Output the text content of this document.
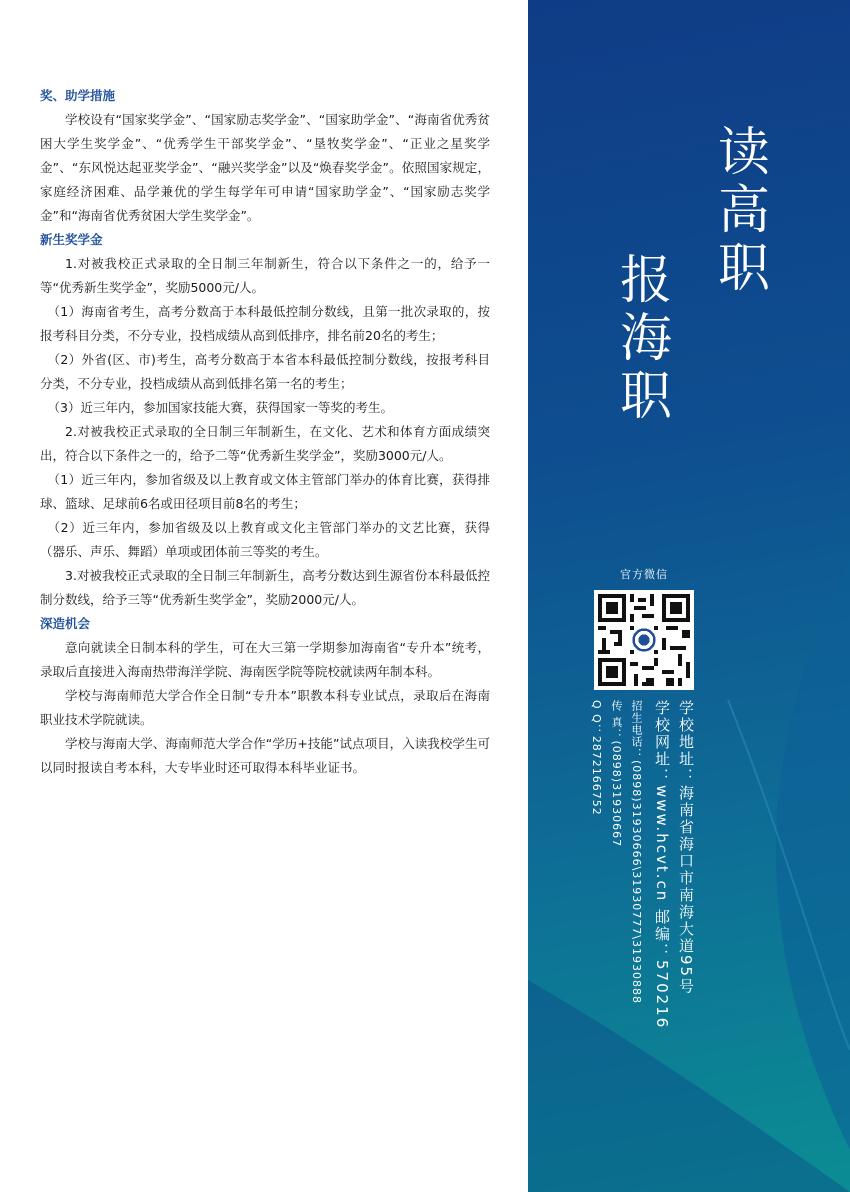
奖、助学措施

学校设有“国家奖学金”、“国家励志奖学金”、“国家助学金”、“海南省优秀贫困大学生奖学金”、“优秀学生干部奖学金”、“垦牧奖学金”、“正业之星奖学金”、“东风悦达起亚奖学金”、“融兴奖学金”以及“焕春奖学金”。依照国家规定，家庭经济困难、品学兼优的学生每学年可申请“国家助学金”、“国家励志奖学金”和“海南省优秀贫困大学生奖学金”。

新生奖学金

1.对被我校正式录取的全日制三年制新生，符合以下条件之一的，给予一等“优秀新生奖学金”，奖励5000元/人。

（1）海南省考生，高考分数高于本科最低控制分数线，且第一批次录取的，按报考科目分类，不分专业，投档成绩从高到低排序，排名前20名的考生；

（2）外省(区、市)考生，高考分数高于本省本科最低控制分数线，按报考科目分类，不分专业，投档成绩从高到低排名第一名的考生；

（3）近三年内，参加国家技能大赛，获得国家一等奖的考生。

2.对被我校正式录取的全日制三年制新生，在文化、艺术和体育方面成绩突出，符合以下条件之一的，给予二等“优秀新生奖学金”，奖励3000元/人。

（1）近三年内，参加省级及以上教育或文体主管部门举办的体育比赛，获得排球、篮球、足球前6名或田径项目前8名的考生；

（2）近三年内，参加省级及以上教育或文化主管部门举办的文艺比赛，获得（器乐、声乐、舞蹈）单项或团体前三等奖的考生。

3.对被我校正式录取的全日制三年制新生，高考分数达到生源省份本科最低控制分数线，给予三等“优秀新生奖学金”，奖励2000元/人。

深造机会

意向就读全日制本科的学生，可在大三第一学期参加海南省“专升本”统考，录取后直接进入海南热带海洋学院、海南医学院等院校就读两年制本科。

学校与海南师范大学合作全日制“专升本”职教本科专业试点，录取后在海南职业技术学院就读。

学校与海南大学、海南师范大学合作“学历+技能”试点项目，入读我校学生可以同时报读自考本科，大专毕业时还可取得本科毕业证书。

读
高
职
报
海
职
官方微信
学校地址：海南省海口市南海大道95号
学校网址：www.hcvt.cn 邮编：570216
招生电话：(0898)31930666\31930777\31930888
传 真：(0898)31930667
Q Q：2872166752
